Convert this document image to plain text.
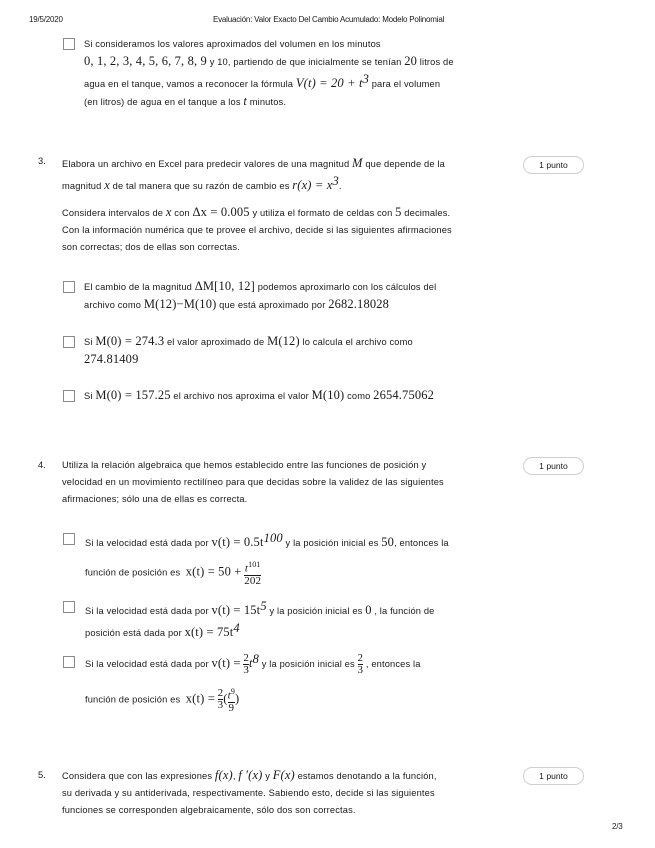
19/5/2020	Evaluación: Valor Exacto Del Cambio Acumulado: Modelo Polinomial
Si consideramos los valores aproximados del volumen en los minutos
0, 1, 2, 3, 4, 5, 6, 7, 8, 9 y 10, partiendo de que inicialmente se tenían 20 litros de
agua en el tanque, vamos a reconocer la fórmula $V(t) = 20 + t^3$ para el volumen
(en litros) de agua en el tanque a los t minutos.
3.	1 punto
Elabora un archivo en Excel para predecir valores de una magnitud M que depende de la
magnitud x de tal manera que su razón de cambio es $r(x) = x^3$.
Considera intervalos de x con Δx = 0.005 y utiliza el formato de celdas con 5 decimales.
Con la información numérica que te provee el archivo, decide si las siguientes afirmaciones
son correctas; dos de ellas son correctas.
El cambio de la magnitud ΔM[10, 12] podemos aproximarlo con los cálculos del
archivo como M(12)−M(10) que está aproximado por 2682.18028
Si M(0) = 274.3 el valor aproximado de M(12) lo calcula el archivo como
274.81409
Si M(0) = 157.25 el archivo nos aproxima el valor M(10) como 2654.75062
4.	1 punto
Utiliza la relación algebraica que hemos establecido entre las funciones de posición y
velocidad en un movimiento rectilíneo para que decidas sobre la validez de las siguientes
afirmaciones; sólo una de ellas es correcta.
Si la velocidad está dada por $v(t) = 0.5t^{100}$ y la posición inicial es 50, entonces la
función de posición es $x(t) = 50 + \frac{t^{101}}{202}$
Si la velocidad está dada por $v(t) = 15t^5$ y la posición inicial es 0 , la función de
posición está dada por $x(t) = 75t^4$
Si la velocidad está dada por $v(t) = \frac{2}{3} t^8$ y la posición inicial es $\frac{2}{3}$ , entonces la
función de posición es $x(t) = \frac{2}{3}$ ( $\frac{t^9}{9}$ )
5.	1 punto
Considera que con las expresiones f(x), f ′(x) y F(x) estamos denotando a la función,
su derivada y su antiderivada, respectivamente. Sabiendo esto, decide si las siguientes
funciones se corresponden algebraicamente, sólo dos son correctas.
2/3
